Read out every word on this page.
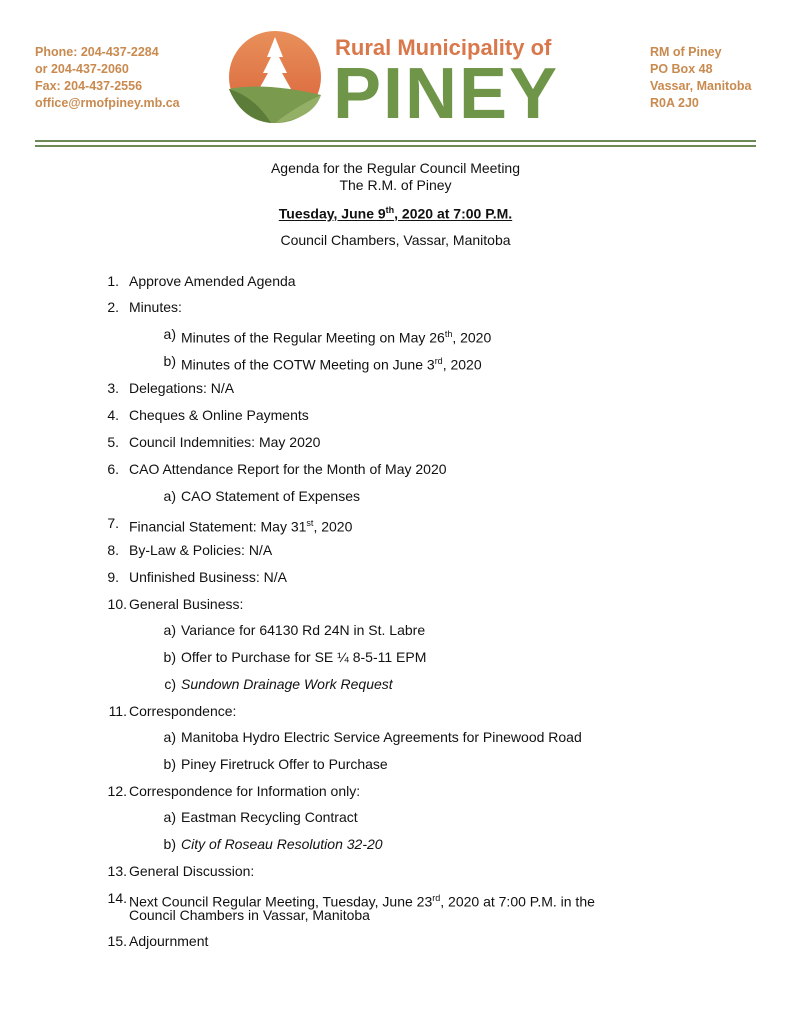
Phone: 204-437-2284
or 204-437-2060
Fax: 204-437-2556
office@rmofpiney.mb.ca
Rural Municipality of
PINEY
RM of Piney
PO Box 48
Vassar, Manitoba
R0A 2J0
Agenda for the Regular Council Meeting
The R.M. of Piney
Tuesday, June 9th, 2020 at 7:00 P.M.
Council Chambers, Vassar, Manitoba
1. Approve Amended Agenda
2. Minutes:
a) Minutes of the Regular Meeting on May 26th, 2020
b) Minutes of the COTW Meeting on June 3rd, 2020
3. Delegations: N/A
4. Cheques & Online Payments
5. Council Indemnities: May 2020
6. CAO Attendance Report for the Month of May 2020
a) CAO Statement of Expenses
7. Financial Statement: May 31st, 2020
8. By-Law & Policies: N/A
9. Unfinished Business: N/A
10. General Business:
a) Variance for 64130 Rd 24N in St. Labre
b) Offer to Purchase for SE ¼ 8-5-11 EPM
c) Sundown Drainage Work Request
11. Correspondence:
a) Manitoba Hydro Electric Service Agreements for Pinewood Road
b) Piney Firetruck Offer to Purchase
12. Correspondence for Information only:
a) Eastman Recycling Contract
b) City of Roseau Resolution 32-20
13. General Discussion:
14. Next Council Regular Meeting, Tuesday, June 23rd, 2020 at 7:00 P.M. in the
Council Chambers in Vassar, Manitoba
15. Adjournment
